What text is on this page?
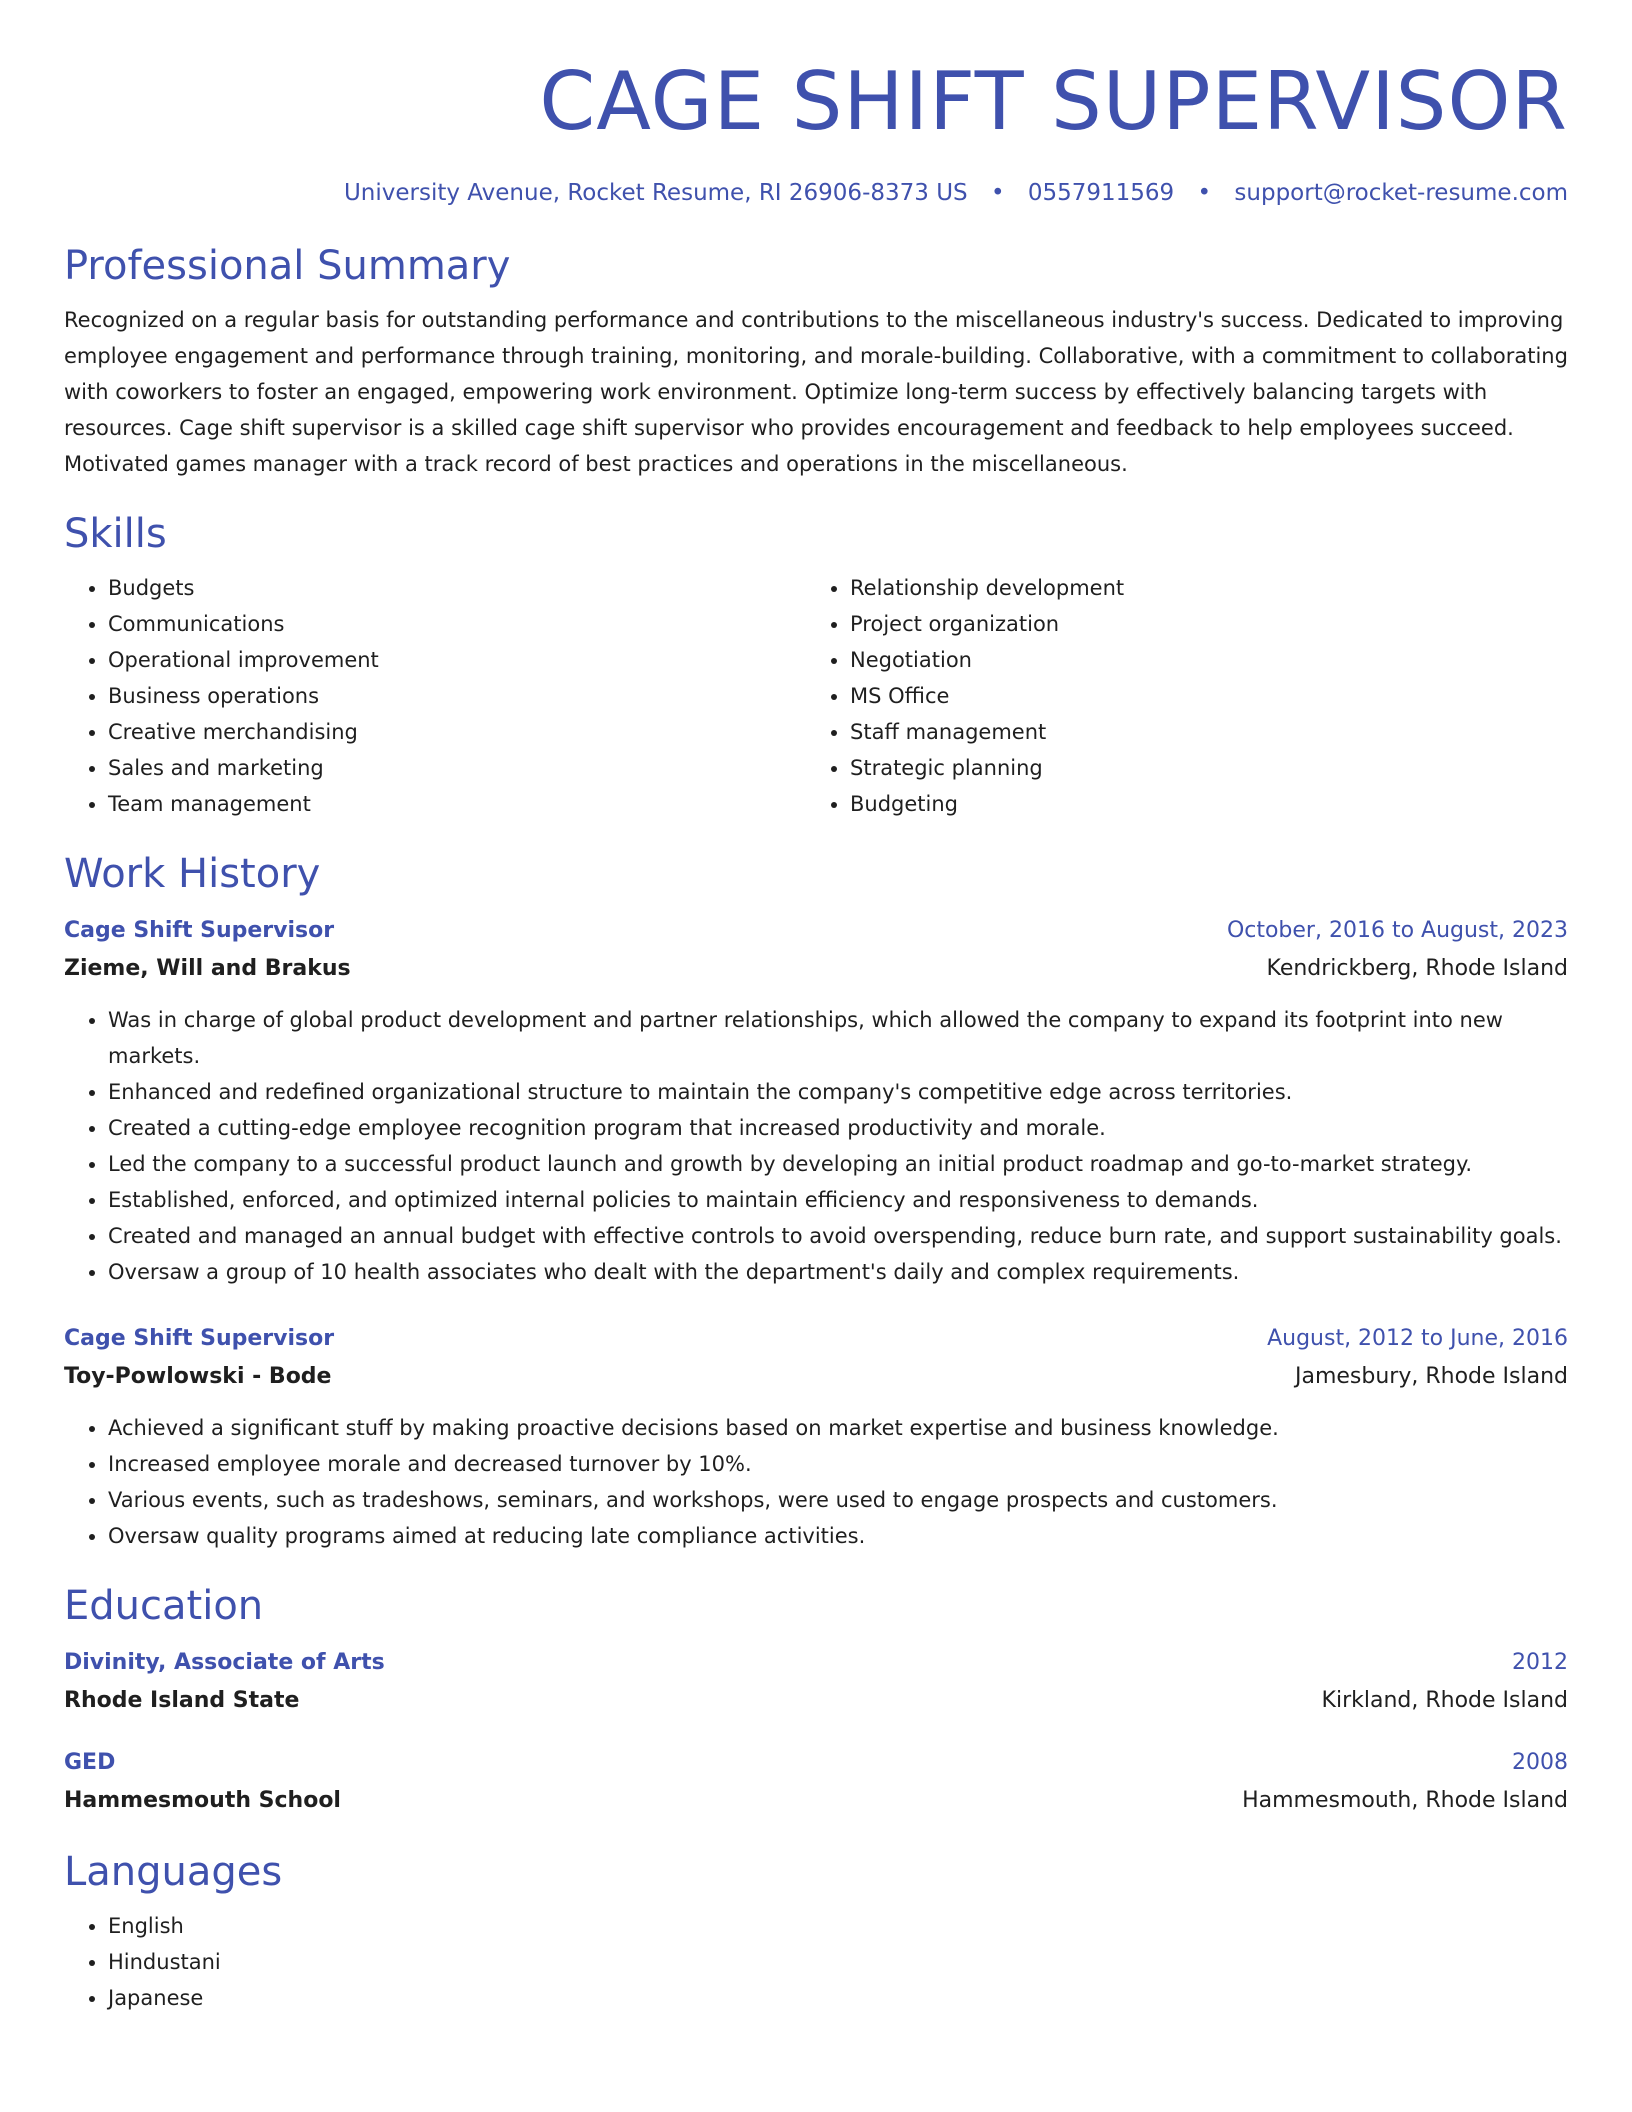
CAGE SHIFT SUPERVISOR
University Avenue, Rocket Resume, RI 26906-8373 US • 0557911569 • support@rocket-resume.com
Professional Summary
Recognized on a regular basis for outstanding performance and contributions to the miscellaneous industry's success. Dedicated to improving employee engagement and performance through training, monitoring, and morale-building. Collaborative, with a commitment to collaborating with coworkers to foster an engaged, empowering work environment. Optimize long-term success by effectively balancing targets with resources. Cage shift supervisor is a skilled cage shift supervisor who provides encouragement and feedback to help employees succeed. Motivated games manager with a track record of best practices and operations in the miscellaneous.
Skills
• Budgets
• Communications
• Operational improvement
• Business operations
• Creative merchandising
• Sales and marketing
• Team management
• Relationship development
• Project organization
• Negotiation
• MS Office
• Staff management
• Strategic planning
• Budgeting
Work History
Cage Shift Supervisor	October, 2016 to August, 2023
Zieme, Will and Brakus	Kendrickberg, Rhode Island
• Was in charge of global product development and partner relationships, which allowed the company to expand its footprint into new markets.
• Enhanced and redefined organizational structure to maintain the company's competitive edge across territories.
• Created a cutting-edge employee recognition program that increased productivity and morale.
• Led the company to a successful product launch and growth by developing an initial product roadmap and go-to-market strategy.
• Established, enforced, and optimized internal policies to maintain efficiency and responsiveness to demands.
• Created and managed an annual budget with effective controls to avoid overspending, reduce burn rate, and support sustainability goals.
• Oversaw a group of 10 health associates who dealt with the department's daily and complex requirements.
Cage Shift Supervisor	August, 2012 to June, 2016
Toy-Powlowski - Bode	Jamesbury, Rhode Island
• Achieved a significant stuff by making proactive decisions based on market expertise and business knowledge.
• Increased employee morale and decreased turnover by 10%.
• Various events, such as tradeshows, seminars, and workshops, were used to engage prospects and customers.
• Oversaw quality programs aimed at reducing late compliance activities.
Education
Divinity, Associate of Arts	2012
Rhode Island State	Kirkland, Rhode Island
GED	2008
Hammesmouth School	Hammesmouth, Rhode Island
Languages
• English
• Hindustani
• Japanese
